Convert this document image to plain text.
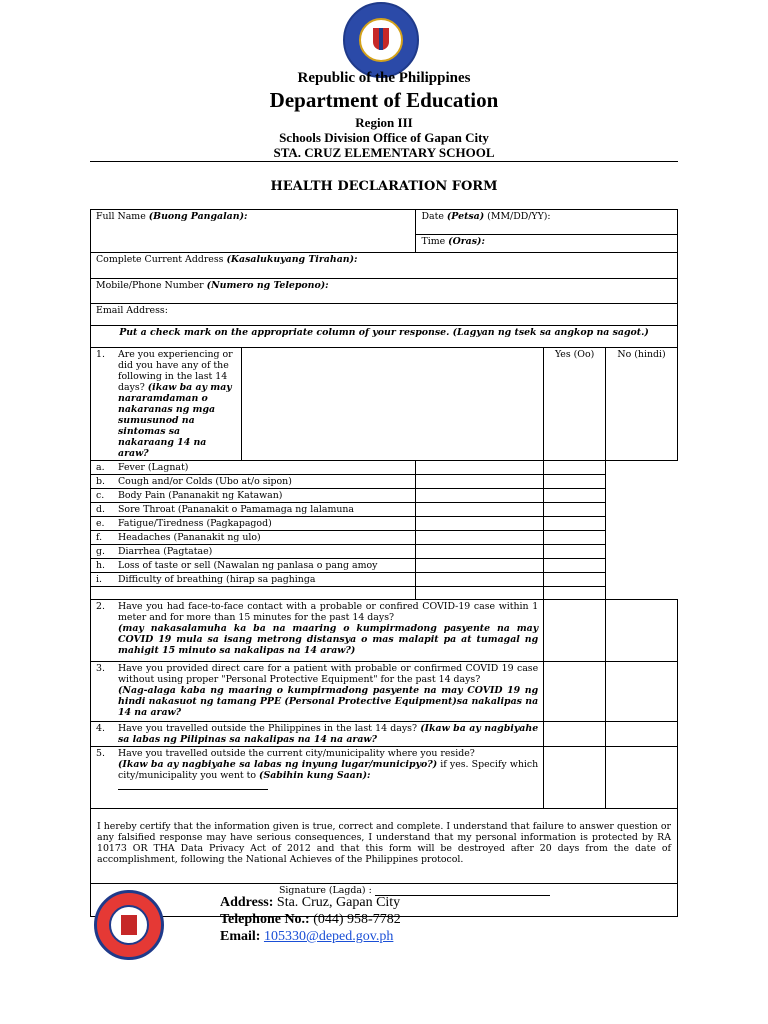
Republic of the Philippines
Department of Education
Region III
Schools Division Office of Gapan City
STA. CRUZ ELEMENTARY SCHOOL
HEALTH DECLARATION FORM
Full Name (Buong Pangalan):		Date (Petsa) (MM/DD/YY):		
		Time (Oras):		
Complete Current Address (Kasalukuyang Tirahan):				
Mobile/Phone Number (Numero ng Telepono):				
Email Address:				
Put a check mark on the appropriate column of your response. (Lagyan ng tsek sa angkop na sagot.)				

1. Are you experiencing or did you have any of the following in the last 14 days? (ikaw ba ay may nararamdaman o nakaranas ng mga sumusunod na sintomas sa nakaraang 14 na araw?			Yes (Oo)	No (hindi)
a. Fever (Lagnat)				
b. Cough and/or Colds (Ubo at/o sipon)				
c. Body Pain (Pananakit ng Katawan)				
d. Sore Throat (Pananakit o Pamamaga ng lalamuna				
e. Fatigue/Tiredness (Pagkapagod)				
f. Headaches (Pananakit ng ulo)				
g. Diarrhea (Pagtatae)				
h. Loss of taste or sell (Nawalan ng panlasa o pang amoy				
i. Difficulty of breathing (hirap sa paghinga				

2. Have you had face-to-face contact with a probable or confired COVID-19 case within 1 meter and for more than 15 minutes for the past 14 days?
(may nakasalamuha ka ba na maaring o kumpirmadong pasyente na may COVID 19 mula sa isang metrong distansya o mas malapit pa at tumagal ng mahigit 15 minuto sa nakalipas na 14 araw?)				

3. Have you provided direct care for a patient with probable or confirmed COVID 19 case without using proper "Personal Protective Equipment" for the past 14 days?
(Nag-alaga kaba ng maaring o kumpirmadong pasyente na may COVID 19 ng hindi nakasuot ng tamang PPE (Personal Protective Equipment)sa nakalipas na 14 na araw?				

4. Have you travelled outside the Philippines in the last 14 days? (Ikaw ba ay nagbiyahe sa labas ng Pilipinas sa nakalipas na 14 na araw?				

5. Have you travelled outside the current city/municipality where you reside?
(Ikaw ba ay nagbiyahe sa labas ng inyung lugar/municipyo?) if yes. Specify which city/municipality you went to (Sabihin kung Saan):				

I hereby certify that the information given is true, correct and complete. I understand that failure to answer question or any falsified response may have serious consequences, I understand that my personal information is protected by RA 10173 OR THA Data Privacy Act of 2012 and that this form will be destroyed after 20 days from the date of accomplishment, following the National Achieves of the Philippines protocol.
Signature (Lagda) :				
Address: Sta. Cruz, Gapan City
Telephone No.: (044) 958-7782
Email: 105330@deped.gov.ph
